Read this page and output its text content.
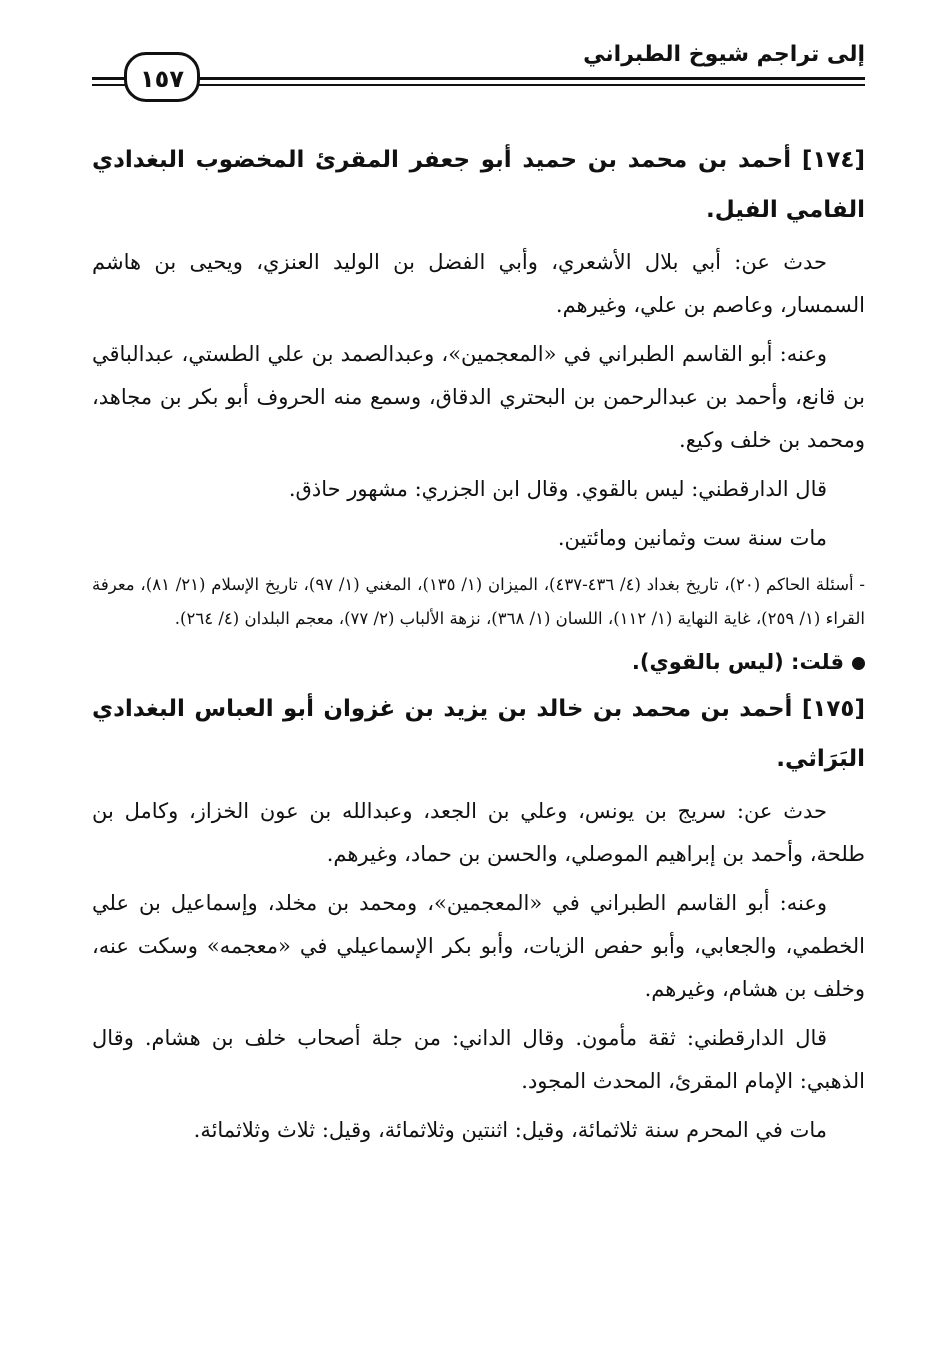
إلى تراجم شيوخ الطبراني
١٥٧

[١٧٤] أحمد بن محمد بن حميد أبو جعفر المقرئ المخضوب البغدادي الفامي الفيل.

حدث عن: أبي بلال الأشعري، وأبي الفضل بن الوليد العنزي، ويحيى بن هاشم السمسار، وعاصم بن علي، وغيرهم.

وعنه: أبو القاسم الطبراني في «المعجمين»، وعبدالصمد بن علي الطستي، عبدالباقي بن قانع، وأحمد بن عبدالرحمن بن البحتري الدقاق، وسمع منه الحروف أبو بكر بن مجاهد، ومحمد بن خلف وكيع.

قال الدارقطني: ليس بالقوي. وقال ابن الجزري: مشهور حاذق.

مات سنة ست وثمانين ومائتين.

- أسئلة الحاكم (٢٠)، تاريخ بغداد (٤/ ٤٣٦-٤٣٧)، الميزان (١/ ١٣٥)، المغني (١/ ٩٧)، تاريخ الإسلام (٢١/ ٨١)، معرفة القراء (١/ ٢٥٩)، غاية النهاية (١/ ١١٢)، اللسان (١/ ٣٦٨)، نزهة الألباب (٢/ ٧٧)، معجم البلدان (٤/ ٢٦٤).

قلت: (ليس بالقوي).

[١٧٥] أحمد بن محمد بن خالد بن يزيد بن غزوان أبو العباس البغدادي البَرَاثي.

حدث عن: سريج بن يونس، وعلي بن الجعد، وعبدالله بن عون الخزاز، وكامل بن طلحة، وأحمد بن إبراهيم الموصلي، والحسن بن حماد، وغيرهم.

وعنه: أبو القاسم الطبراني في «المعجمين»، ومحمد بن مخلد، وإسماعيل بن علي الخطمي، والجعابي، وأبو حفص الزيات، وأبو بكر الإسماعيلي في «معجمه» وسكت عنه، وخلف بن هشام، وغيرهم.

قال الدارقطني: ثقة مأمون. وقال الداني: من جلة أصحاب خلف بن هشام. وقال الذهبي: الإمام المقرئ، المحدث المجود.

مات في المحرم سنة ثلاثمائة، وقيل: اثنتين وثلاثمائة، وقيل: ثلاث وثلاثمائة.
